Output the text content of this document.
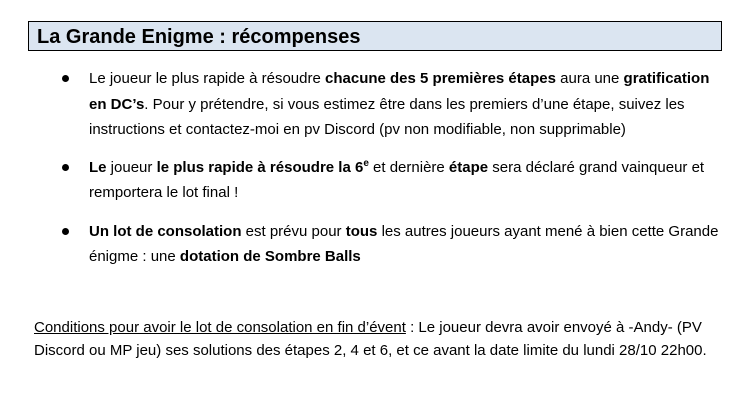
La Grande Enigme : récompenses
Le joueur le plus rapide à résoudre chacune des 5 premières étapes aura une gratification en DC’s. Pour y prétendre, si vous estimez être dans les premiers d’une étape, suivez les instructions et contactez-moi en pv Discord (pv non modifiable, non supprimable)
Le joueur le plus rapide à résoudre la 6e et dernière étape sera déclaré grand vainqueur et remportera le lot final !
Un lot de consolation est prévu pour tous les autres joueurs ayant mené à bien cette Grande énigme : une dotation de Sombre Balls

Conditions pour avoir le lot de consolation en fin d’évent : Le joueur devra avoir envoyé à -Andy- (PV Discord ou MP jeu) ses solutions des étapes 2, 4 et 6, et ce avant la date limite du lundi 28/10 22h00.
